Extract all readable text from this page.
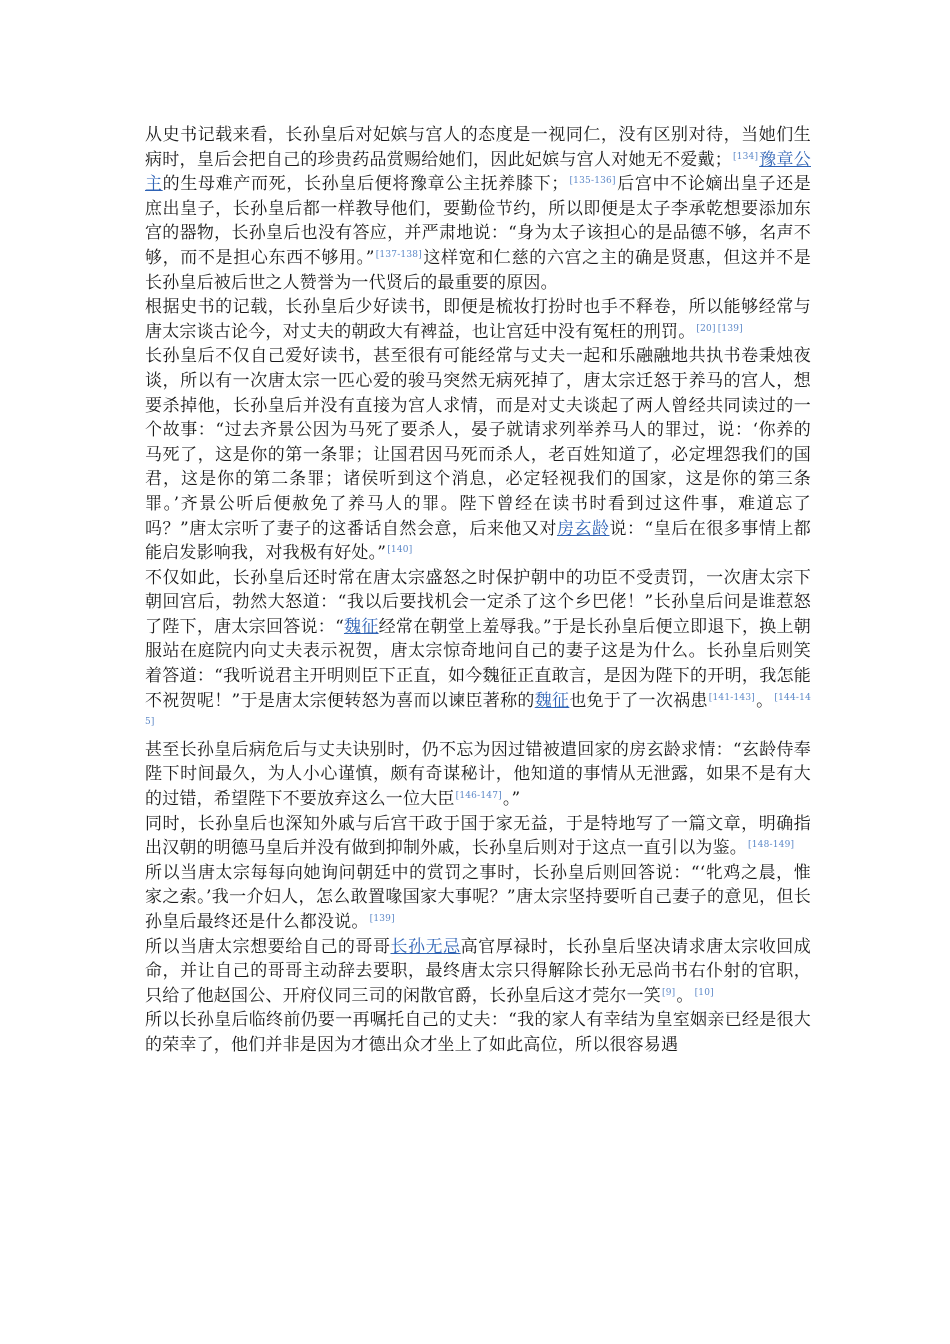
从史书记载来看，长孙皇后对妃嫔与宫人的态度是一视同仁，没有区别对待，当她们生病时，皇后会把自己的珍贵药品赏赐给她们，因此妃嫔与宫人对她无不爱戴；[134]豫章公主的生母难产而死，长孙皇后便将豫章公主抚养膝下；[135-136]后宫中不论嫡出皇子还是庶出皇子，长孙皇后都一样教导他们，要勤俭节约，所以即便是太子李承乾想要添加东宫的器物，长孙皇后也没有答应，并严肃地说：“身为太子该担心的是品德不够，名声不够，而不是担心东西不够用。”[137-138]这样宽和仁慈的六宫之主的确是贤惠，但这并不是长孙皇后被后世之人赞誉为一代贤后的最重要的原因。

根据史书的记载，长孙皇后少好读书，即便是梳妆打扮时也手不释卷，所以能够经常与唐太宗谈古论今，对丈夫的朝政大有裨益，也让宫廷中没有冤枉的刑罚。[20] [139]

长孙皇后不仅自己爱好读书，甚至很有可能经常与丈夫一起和乐融融地共执书卷秉烛夜谈，所以有一次唐太宗一匹心爱的骏马突然无病死掉了，唐太宗迁怒于养马的宫人，想要杀掉他，长孙皇后并没有直接为宫人求情，而是对丈夫谈起了两人曾经共同读过的一个故事：“过去齐景公因为马死了要杀人，晏子就请求列举养马人的罪过，说：‘你养的马死了，这是你的第一条罪；让国君因马死而杀人，老百姓知道了，必定埋怨我们的国君，这是你的第二条罪；诸侯听到这个消息，必定轻视我们的国家，这是你的第三条罪。’齐景公听后便赦免了养马人的罪。陛下曾经在读书时看到过这件事，难道忘了吗？”唐太宗听了妻子的这番话自然会意，后来他又对房玄龄说：“皇后在很多事情上都能启发影响我，对我极有好处。”[140]

不仅如此，长孙皇后还时常在唐太宗盛怒之时保护朝中的功臣不受责罚，一次唐太宗下朝回宫后，勃然大怒道：“我以后要找机会一定杀了这个乡巴佬！”长孙皇后问是谁惹怒了陛下，唐太宗回答说：“魏征经常在朝堂上羞辱我。”于是长孙皇后便立即退下，换上朝服站在庭院内向丈夫表示祝贺，唐太宗惊奇地问自己的妻子这是为什么。长孙皇后则笑着答道：“我听说君主开明则臣下正直，如今魏征正直敢言，是因为陛下的开明，我怎能不祝贺呢！”于是唐太宗便转怒为喜而以谏臣著称的魏征也免于了一次祸患[141-143]。[144-145]

甚至长孙皇后病危后与丈夫诀别时，仍不忘为因过错被遣回家的房玄龄求情：“玄龄侍奉陛下时间最久，为人小心谨慎，颇有奇谋秘计，他知道的事情从无泄露，如果不是有大的过错，希望陛下不要放弃这么一位大臣[146-147]。”

同时，长孙皇后也深知外戚与后宫干政于国于家无益，于是特地写了一篇文章，明确指出汉朝的明德马皇后并没有做到抑制外戚，长孙皇后则对于这点一直引以为鉴。[148-149]

所以当唐太宗每每向她询问朝廷中的赏罚之事时，长孙皇后则回答说：“‘牝鸡之晨，惟家之索。’我一介妇人，怎么敢置喙国家大事呢？”唐太宗坚持要听自己妻子的意见，但长孙皇后最终还是什么都没说。[139]

所以当唐太宗想要给自己的哥哥长孙无忌高官厚禄时，长孙皇后坚决请求唐太宗收回成命，并让自己的哥哥主动辞去要职，最终唐太宗只得解除长孙无忌尚书右仆射的官职，只给了他赵国公、开府仪同三司的闲散官爵，长孙皇后这才莞尔一笑[9]。[10]

所以长孙皇后临终前仍要一再嘱托自己的丈夫：“我的家人有幸结为皇室姻亲已经是很大的荣幸了，他们并非是因为才德出众才坐上了如此高位，所以很容易遇
